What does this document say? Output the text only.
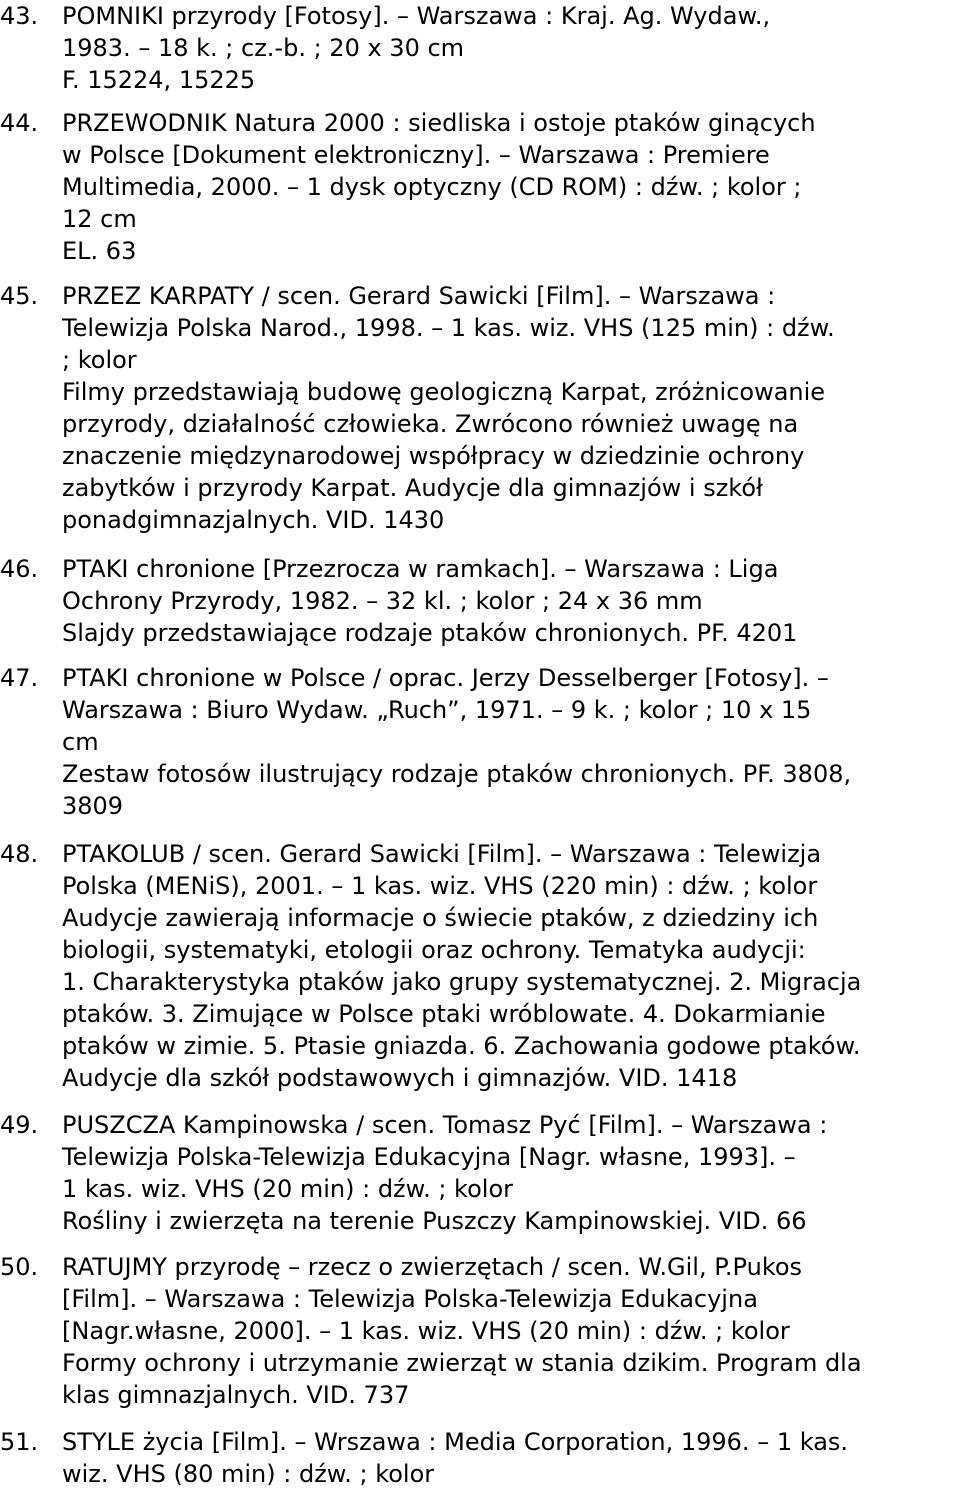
43. POMNIKI przyrody [Fotosy]. – Warszawa : Kraj. Ag. Wydaw.,
1983. – 18 k. ; cz.-b. ; 20 x 30 cm
F. 15224, 15225
44. PRZEWODNIK Natura 2000 : siedliska i ostoje ptaków ginących
w Polsce [Dokument elektroniczny]. – Warszawa : Premiere
Multimedia, 2000. – 1 dysk optyczny (CD ROM) : dźw. ; kolor ;
12 cm
EL. 63
45. PRZEZ KARPATY / scen. Gerard Sawicki [Film]. – Warszawa :
Telewizja Polska Narod., 1998. – 1 kas. wiz. VHS (125 min) : dźw.
; kolor
Filmy przedstawiają budowę geologiczną Karpat, zróżnicowanie
przyrody, działalność człowieka. Zwrócono również uwagę na
znaczenie międzynarodowej współpracy w dziedzinie ochrony
zabytków i przyrody Karpat. Audycje dla gimnazjów i szkół
ponadgimnazjalnych. VID. 1430
46. PTAKI chronione [Przezrocza w ramkach]. – Warszawa : Liga
Ochrony Przyrody, 1982. – 32 kl. ; kolor ; 24 x 36 mm
Slajdy przedstawiające rodzaje ptaków chronionych. PF. 4201
47. PTAKI chronione w Polsce / oprac. Jerzy Desselberger [Fotosy]. –
Warszawa : Biuro Wydaw. „Ruch”, 1971. – 9 k. ; kolor ; 10 x 15
cm
Zestaw fotosów ilustrujący rodzaje ptaków chronionych. PF. 3808,
3809
48. PTAKOLUB / scen. Gerard Sawicki [Film]. – Warszawa : Telewizja
Polska (MENiS), 2001. – 1 kas. wiz. VHS (220 min) : dźw. ; kolor
Audycje zawierają informacje o świecie ptaków, z dziedziny ich
biologii, systematyki, etologii oraz ochrony. Tematyka audycji:
1. Charakterystyka ptaków jako grupy systematycznej. 2. Migracja
ptaków. 3. Zimujące w Polsce ptaki wróblowate. 4. Dokarmianie
ptaków w zimie. 5. Ptasie gniazda. 6. Zachowania godowe ptaków.
Audycje dla szkół podstawowych i gimnazjów. VID. 1418
49. PUSZCZA Kampinowska / scen. Tomasz Pyć [Film]. – Warszawa :
Telewizja Polska-Telewizja Edukacyjna [Nagr. własne, 1993]. –
1 kas. wiz. VHS (20 min) : dźw. ; kolor
Rośliny i zwierzęta na terenie Puszczy Kampinowskiej. VID. 66
50. RATUJMY przyrodę – rzecz o zwierzętach / scen. W.Gil, P.Pukos
[Film]. – Warszawa : Telewizja Polska-Telewizja Edukacyjna
[Nagr.własne, 2000]. – 1 kas. wiz. VHS (20 min) : dźw. ; kolor
Formy ochrony i utrzymanie zwierząt w stania dzikim. Program dla
klas gimnazjalnych. VID. 737
51. STYLE życia [Film]. – Wrszawa : Media Corporation, 1996. – 1 kas.
wiz. VHS (80 min) : dźw. ; kolor
